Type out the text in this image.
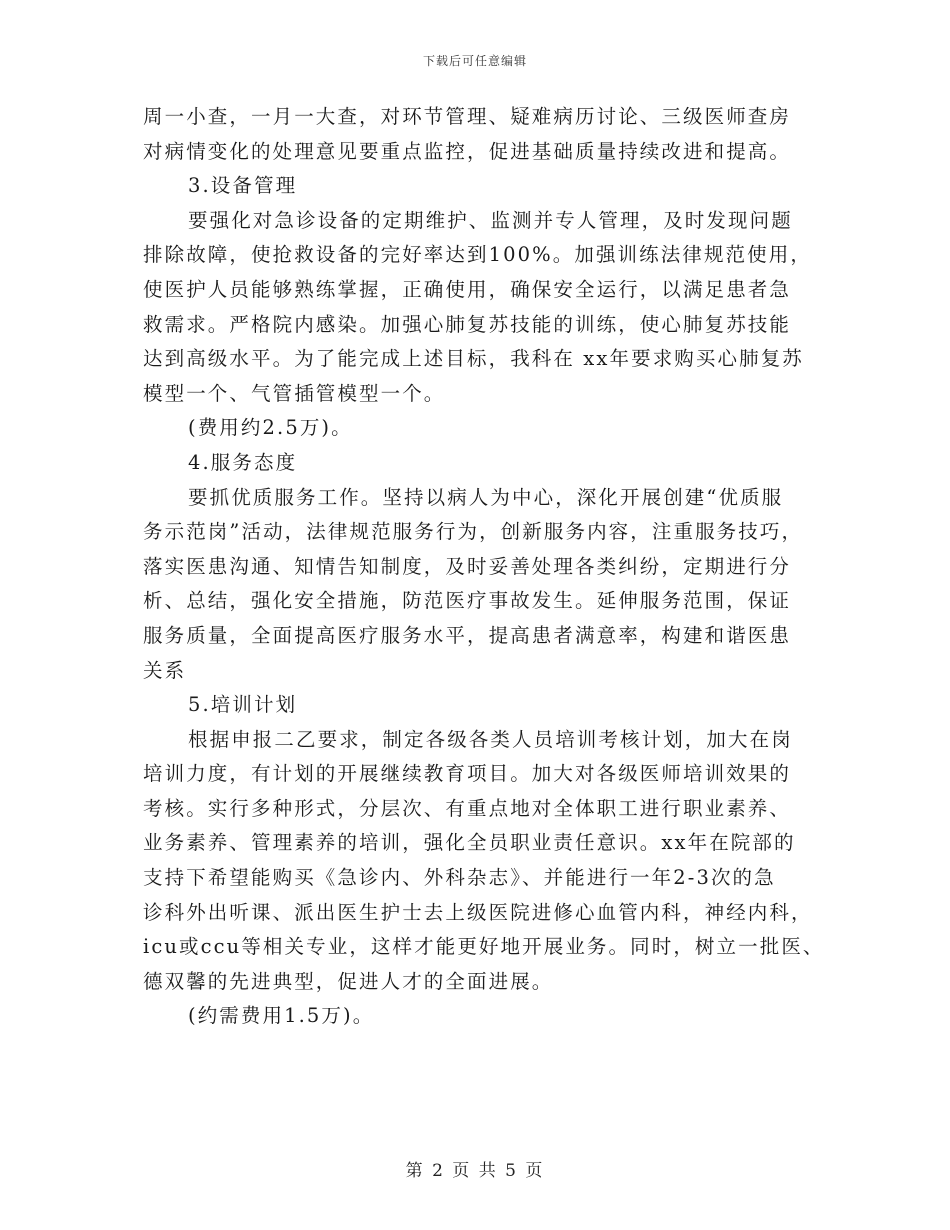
下载后可任意编辑
周一小查，一月一大查，对环节管理、疑难病历讨论、三级医师查房
对病情变化的处理意见要重点监控，促进基础质量持续改进和提高。
3.设备管理
要强化对急诊设备的定期维护、监测并专人管理，及时发现问题
排除故障，使抢救设备的完好率达到100%。加强训练法律规范使用，
使医护人员能够熟练掌握，正确使用，确保安全运行，以满足患者急
救需求。严格院内感染。加强心肺复苏技能的训练，使心肺复苏技能
达到高级水平。为了能完成上述目标，我科在 xx年要求购买心肺复苏
模型一个、气管插管模型一个。
(费用约2.5万)。
4.服务态度
要抓优质服务工作。坚持以病人为中心，深化开展创建“优质服
务示范岗”活动，法律规范服务行为，创新服务内容，注重服务技巧，
落实医患沟通、知情告知制度，及时妥善处理各类纠纷，定期进行分
析、总结，强化安全措施，防范医疗事故发生。延伸服务范围，保证
服务质量，全面提高医疗服务水平，提高患者满意率，构建和谐医患
关系
5.培训计划
根据申报二乙要求，制定各级各类人员培训考核计划，加大在岗
培训力度，有计划的开展继续教育项目。加大对各级医师培训效果的
考核。实行多种形式，分层次、有重点地对全体职工进行职业素养、
业务素养、管理素养的培训，强化全员职业责任意识。xx年在院部的
支持下希望能购买《急诊内、外科杂志》、并能进行一年2-3次的急
诊科外出听课、派出医生护士去上级医院进修心血管内科，神经内科，
icu或ccu等相关专业，这样才能更好地开展业务。同时，树立一批医、
德双馨的先进典型，促进人才的全面进展。
(约需费用1.5万)。
第 2 页 共 5 页
